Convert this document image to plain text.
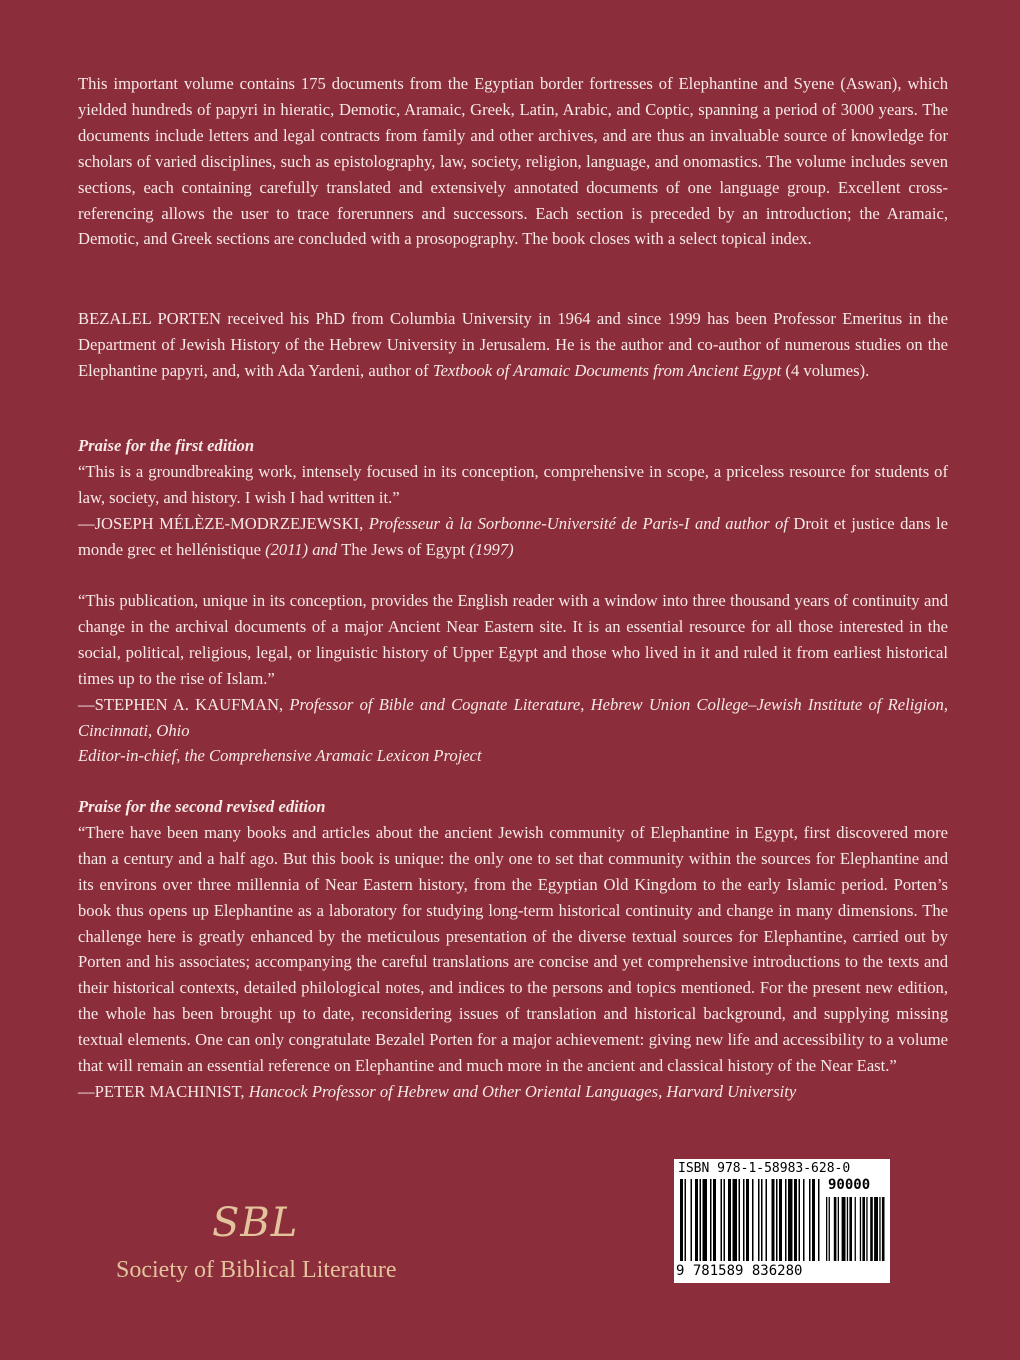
This important volume contains 175 documents from the Egyptian border fortresses of Elephantine and Syene (Aswan), which yielded hundreds of papyri in hieratic, Demotic, Aramaic, Greek, Latin, Arabic, and Coptic, spanning a period of 3000 years. The documents include letters and legal contracts from family and other archives, and are thus an invaluable source of knowledge for scholars of varied disciplines, such as epistolography, law, society, religion, language, and onomastics. The volume includes seven sections, each containing carefully translated and extensively annotated documents of one language group. Excellent cross-referencing allows the user to trace forerunners and successors. Each section is preceded by an introduction; the Aramaic, Demotic, and Greek sections are concluded with a prosopography. The book closes with a select topical index.

BEZALEL PORTEN received his PhD from Columbia University in 1964 and since 1999 has been Professor Emeritus in the Department of Jewish History of the Hebrew University in Jerusalem. He is the author and co-author of numerous studies on the Elephantine papyri, and, with Ada Yardeni, author of Textbook of Aramaic Documents from Ancient Egypt (4 volumes).

Praise for the first edition

“This is a groundbreaking work, intensely focused in its conception, comprehensive in scope, a priceless resource for students of law, society, and history. I wish I had written it.”

—JOSEPH MÉLÈZE-MODRZEJEWSKI, Professeur à la Sorbonne-Université de Paris-I and author of Droit et justice dans le monde grec et hellénistique (2011) and The Jews of Egypt (1997)

“This publication, unique in its conception, provides the English reader with a window into three thousand years of continuity and change in the archival documents of a major Ancient Near Eastern site. It is an essential resource for all those interested in the social, political, religious, legal, or linguistic history of Upper Egypt and those who lived in it and ruled it from earliest historical times up to the rise of Islam.”

—STEPHEN A. KAUFMAN, Professor of Bible and Cognate Literature, Hebrew Union College–Jewish Institute of Religion, Cincinnati, Ohio

Editor-in-chief, the Comprehensive Aramaic Lexicon Project

Praise for the second revised edition

“There have been many books and articles about the ancient Jewish community of Elephantine in Egypt, first discovered more than a century and a half ago. But this book is unique: the only one to set that community within the sources for Elephantine and its environs over three millennia of Near Eastern history, from the Egyptian Old Kingdom to the early Islamic period. Porten’s book thus opens up Elephantine as a laboratory for studying long-term historical continuity and change in many dimensions. The challenge here is greatly enhanced by the meticulous presentation of the diverse textual sources for Elephantine, carried out by Porten and his associates; accompanying the careful translations are concise and yet comprehensive introductions to the texts and their historical contexts, detailed philological notes, and indices to the persons and topics mentioned. For the present new edition, the whole has been brought up to date, reconsidering issues of translation and historical background, and supplying missing textual elements. One can only congratulate Bezalel Porten for a major achievement: giving new life and accessibility to a volume that will remain an essential reference on Elephantine and much more in the ancient and classical history of the Near East.”

—PETER MACHINIST, Hancock Professor of Hebrew and Other Oriental Languages, Harvard University

SBL
Society of Biblical Literature
ISBN 978-1-58983-628-0
90000
9 781589 836280
